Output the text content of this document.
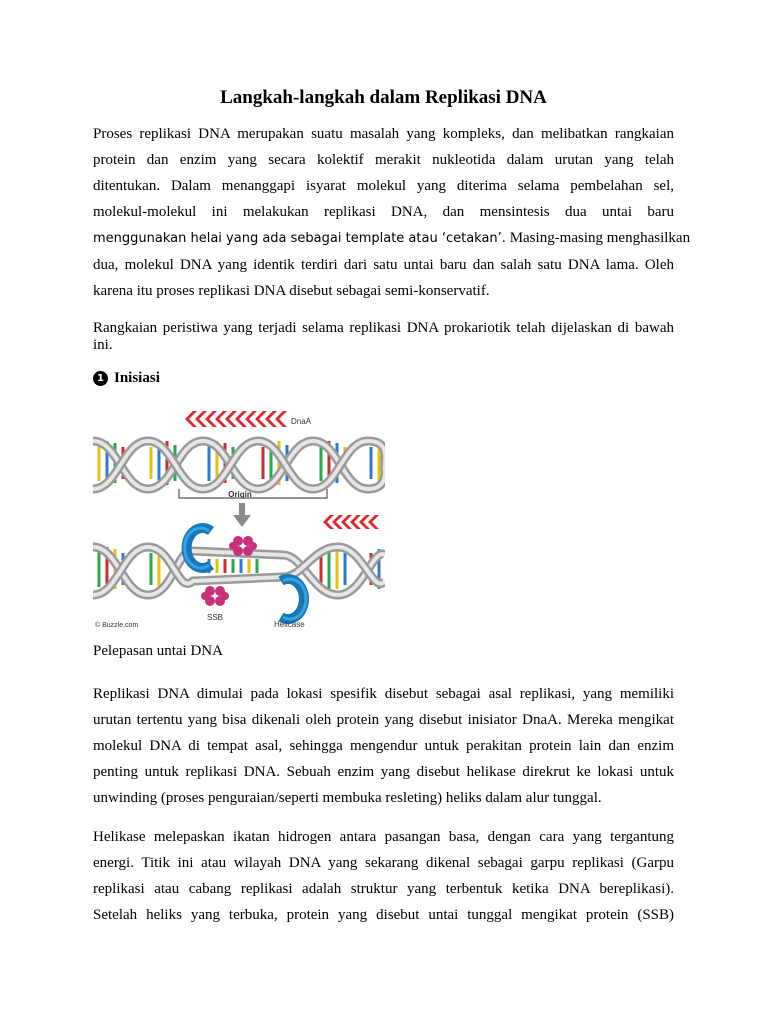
Langkah-langkah dalam Replikasi DNA
Proses replikasi DNA merupakan suatu masalah yang kompleks, dan melibatkan rangkaian
protein dan enzim yang secara kolektif merakit nukleotida dalam urutan yang telah
ditentukan. Dalam menanggapi isyarat molekul yang diterima selama pembelahan sel,
molekul-molekul ini melakukan replikasi DNA, dan mensintesis dua untai baru
menggunakan helai yang ada sebagai template atau ‘cetakan’. Masing-masing menghasilkan
dua, molekul DNA yang identik terdiri dari satu untai baru dan salah satu DNA lama. Oleh
karena itu proses replikasi DNA disebut sebagai semi-konservatif.
Rangkaian peristiwa yang terjadi selama replikasi DNA prokariotik telah dijelaskan di bawah
ini.
1 Inisiasi
DnaA
Origin
SSB
Helicase
© Buzzle.com
Pelepasan untai DNA
Replikasi DNA dimulai pada lokasi spesifik disebut sebagai asal replikasi, yang memiliki
urutan tertentu yang bisa dikenali oleh protein yang disebut inisiator DnaA. Mereka mengikat
molekul DNA di tempat asal, sehingga mengendur untuk perakitan protein lain dan enzim
penting untuk replikasi DNA. Sebuah enzim yang disebut helikase direkrut ke lokasi untuk
unwinding (proses penguraian/seperti membuka resleting) heliks dalam alur tunggal.
Helikase melepaskan ikatan hidrogen antara pasangan basa, dengan cara yang tergantung
energi. Titik ini atau wilayah DNA yang sekarang dikenal sebagai garpu replikasi (Garpu
replikasi atau cabang replikasi adalah struktur yang terbentuk ketika DNA bereplikasi).
Setelah heliks yang terbuka, protein yang disebut untai tunggal mengikat protein (SSB)
